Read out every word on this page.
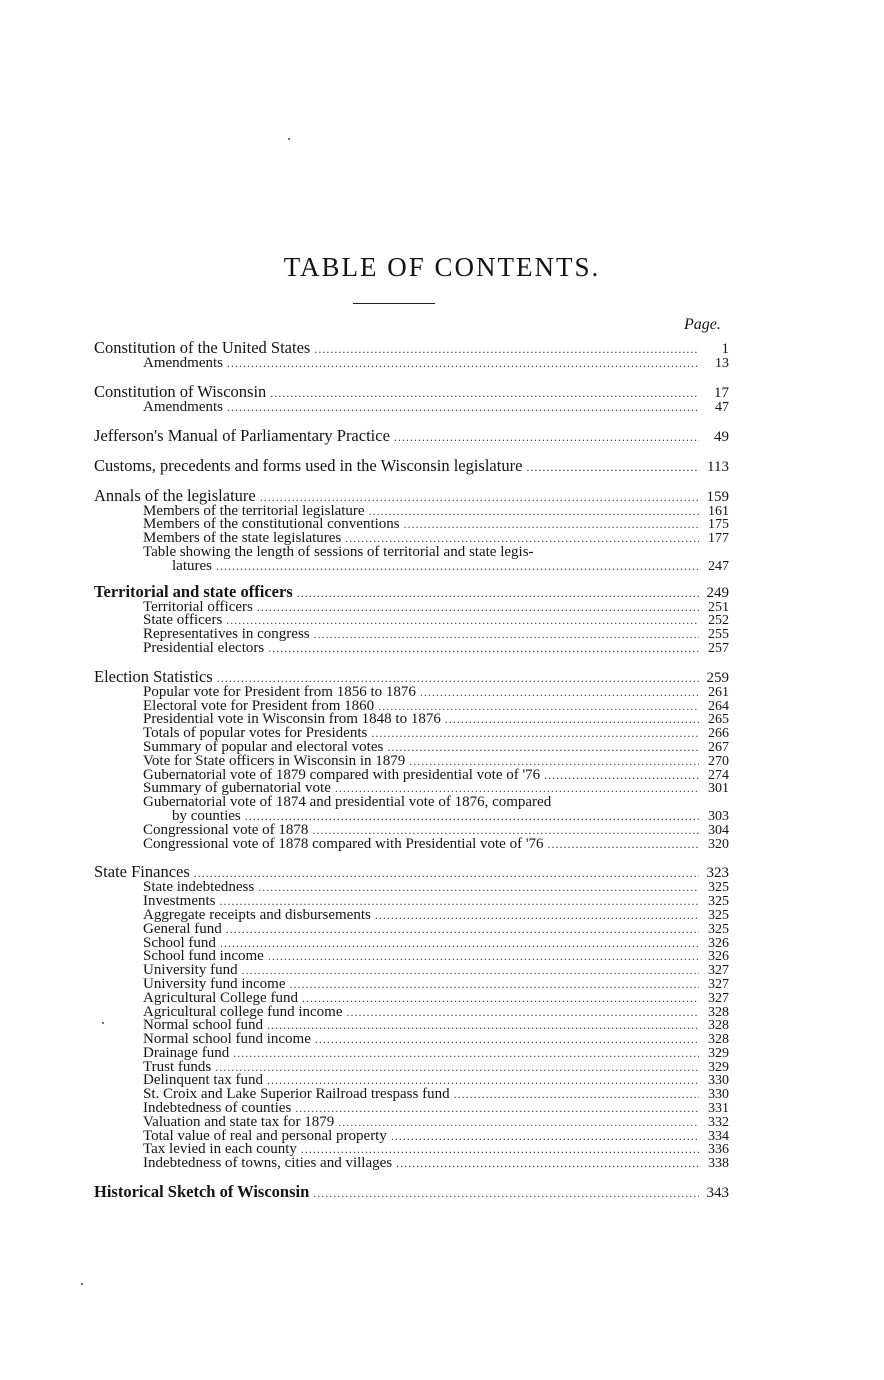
TABLE OF CONTENTS.
Page.
Constitution of the United States .....	1
Amendments .....	13
Constitution of Wisconsin .....	17
Amendments .....	47
Jefferson's Manual of Parliamentary Practice .....	49
Customs, precedents and forms used in the Wisconsin legislature .....	113
Annals of the legislature .....	159
Members of the territorial legislature .....	161
Members of the constitutional conventions .....	175
Members of the state legislatures .....	177
Table showing the length of sessions of territorial and state legis-
latures .....	247
Territorial and state officers .....	249
Territorial officers .....	251
State officers .....	252
Representatives in congress .....	255
Presidential electors .....	257
Election Statistics .....	259
Popular vote for President from 1856 to 1876 .....	261
Electoral vote for President from 1860 .....	264
Presidential vote in Wisconsin from 1848 to 1876 .....	265
Totals of popular votes for Presidents .....	266
Summary of popular and electoral votes .....	267
Vote for State officers in Wisconsin in 1879 .....	270
Gubernatorial vote of 1879 compared with presidential vote of '76 .....	274
Summary of gubernatorial vote .....	301
Gubernatorial vote of 1874 and presidential vote of 1876, compared
by counties .....	303
Congressional vote of 1878 .....	304
Congressional vote of 1878 compared with Presidential vote of '76 .....	320
State Finances .....	323
State indebtedness .....	325
Investments .....	325
Aggregate receipts and disbursements .....	325
General fund .....	325
School fund .....	326
School fund income .....	326
University fund .....	327
University fund income .....	327
Agricultural College fund .....	327
Agricultural college fund income .....	328
Normal school fund .....	328
Normal school fund income .....	328
Drainage fund .....	329
Trust funds .....	329
Delinquent tax fund .....	330
St. Croix and Lake Superior Railroad trespass fund .....	330
Indebtedness of counties .....	331
Valuation and state tax for 1879 .....	332
Total value of real and personal property .....	334
Tax levied in each county .....	336
Indebtedness of towns, cities and villages .....	338
Historical Sketch of Wisconsin .....	343
